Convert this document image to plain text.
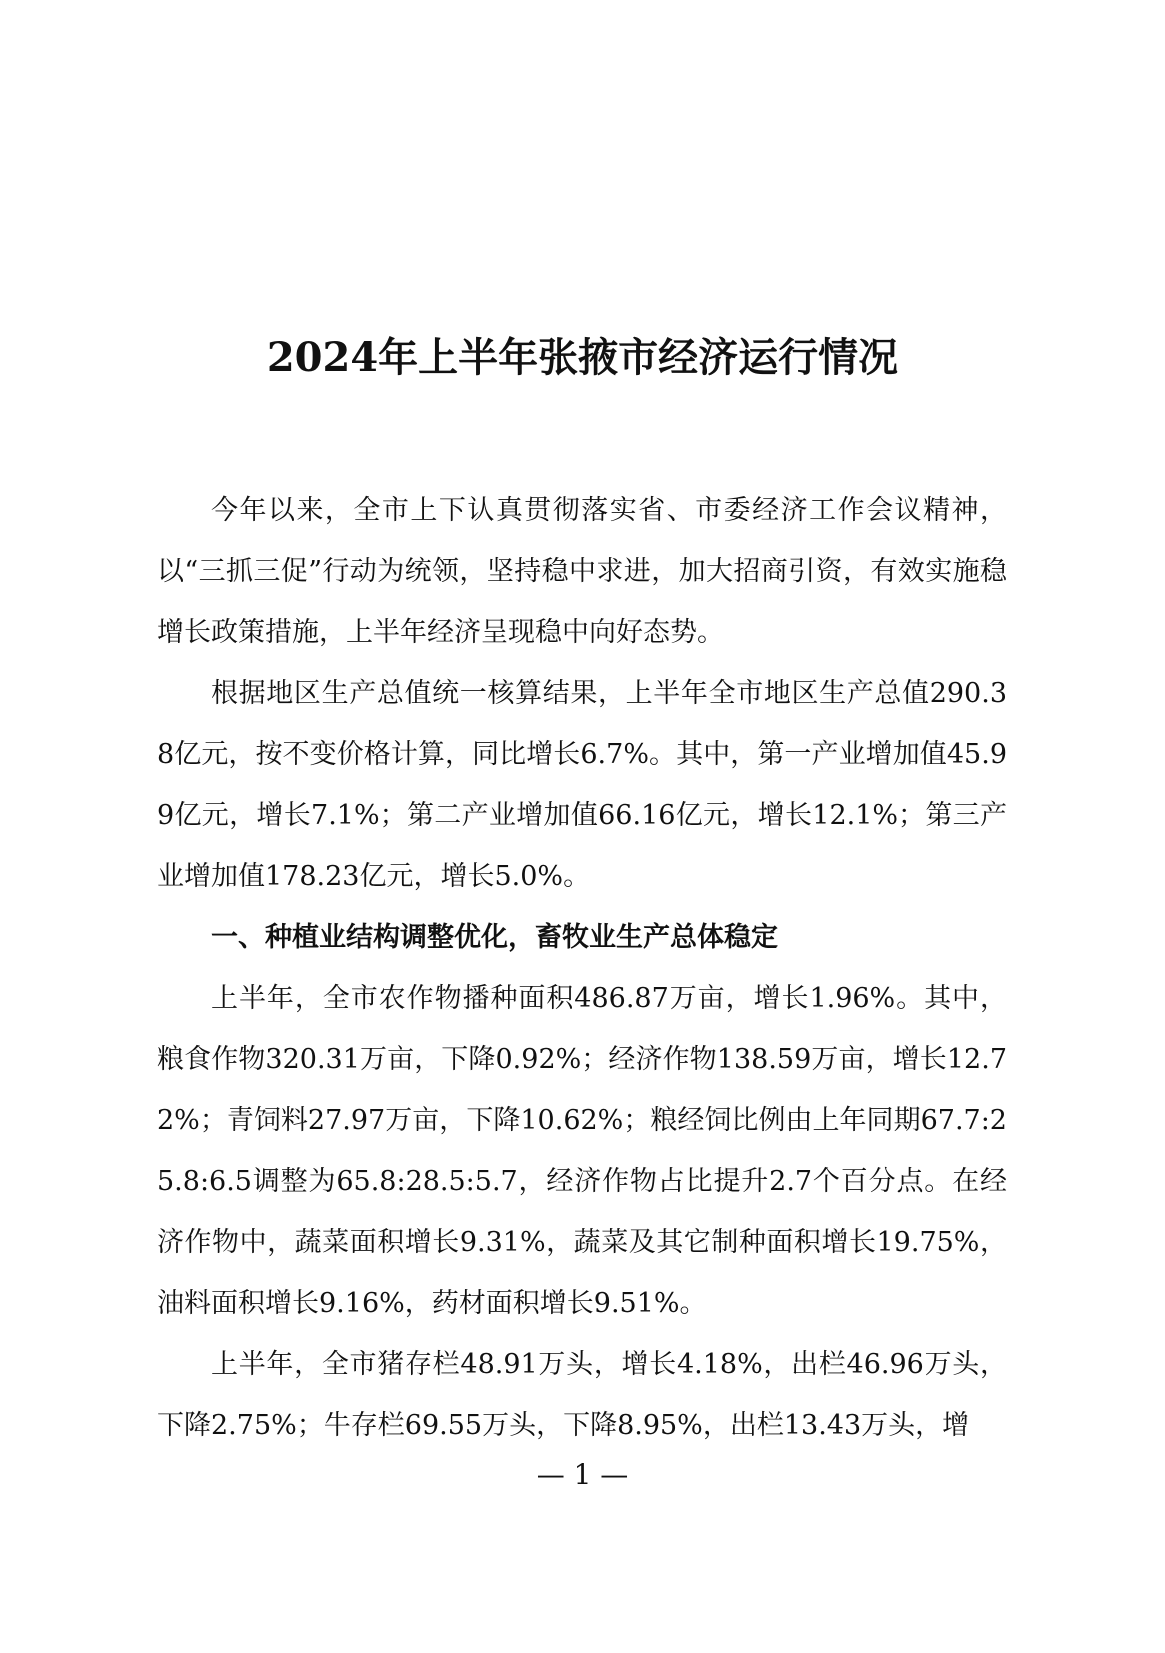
2024年上半年张掖市经济运行情况

今年以来，全市上下认真贯彻落实省、市委经济工作会议精神，以“三抓三促”行动为统领，坚持稳中求进，加大招商引资，有效实施稳增长政策措施，上半年经济呈现稳中向好态势。

根据地区生产总值统一核算结果，上半年全市地区生产总值290.38亿元，按不变价格计算，同比增长6.7%。其中，第一产业增加值45.99亿元，增长7.1%；第二产业增加值66.16亿元，增长12.1%；第三产业增加值178.23亿元，增长5.0%。

一、种植业结构调整优化，畜牧业生产总体稳定

上半年，全市农作物播种面积486.87万亩，增长1.96%。其中，粮食作物320.31万亩，下降0.92%；经济作物138.59万亩，增长12.72%；青饲料27.97万亩，下降10.62%；粮经饲比例由上年同期67.7:25.8:6.5调整为65.8:28.5:5.7，经济作物占比提升2.7个百分点。在经济作物中，蔬菜面积增长9.31%，蔬菜及其它制种面积增长19.75%，油料面积增长9.16%，药材面积增长9.51%。

上半年，全市猪存栏48.91万头，增长4.18%，出栏46.96万头，下降2.75%；牛存栏69.55万头，下降8.95%，出栏13.43万头，增

— 1 —
